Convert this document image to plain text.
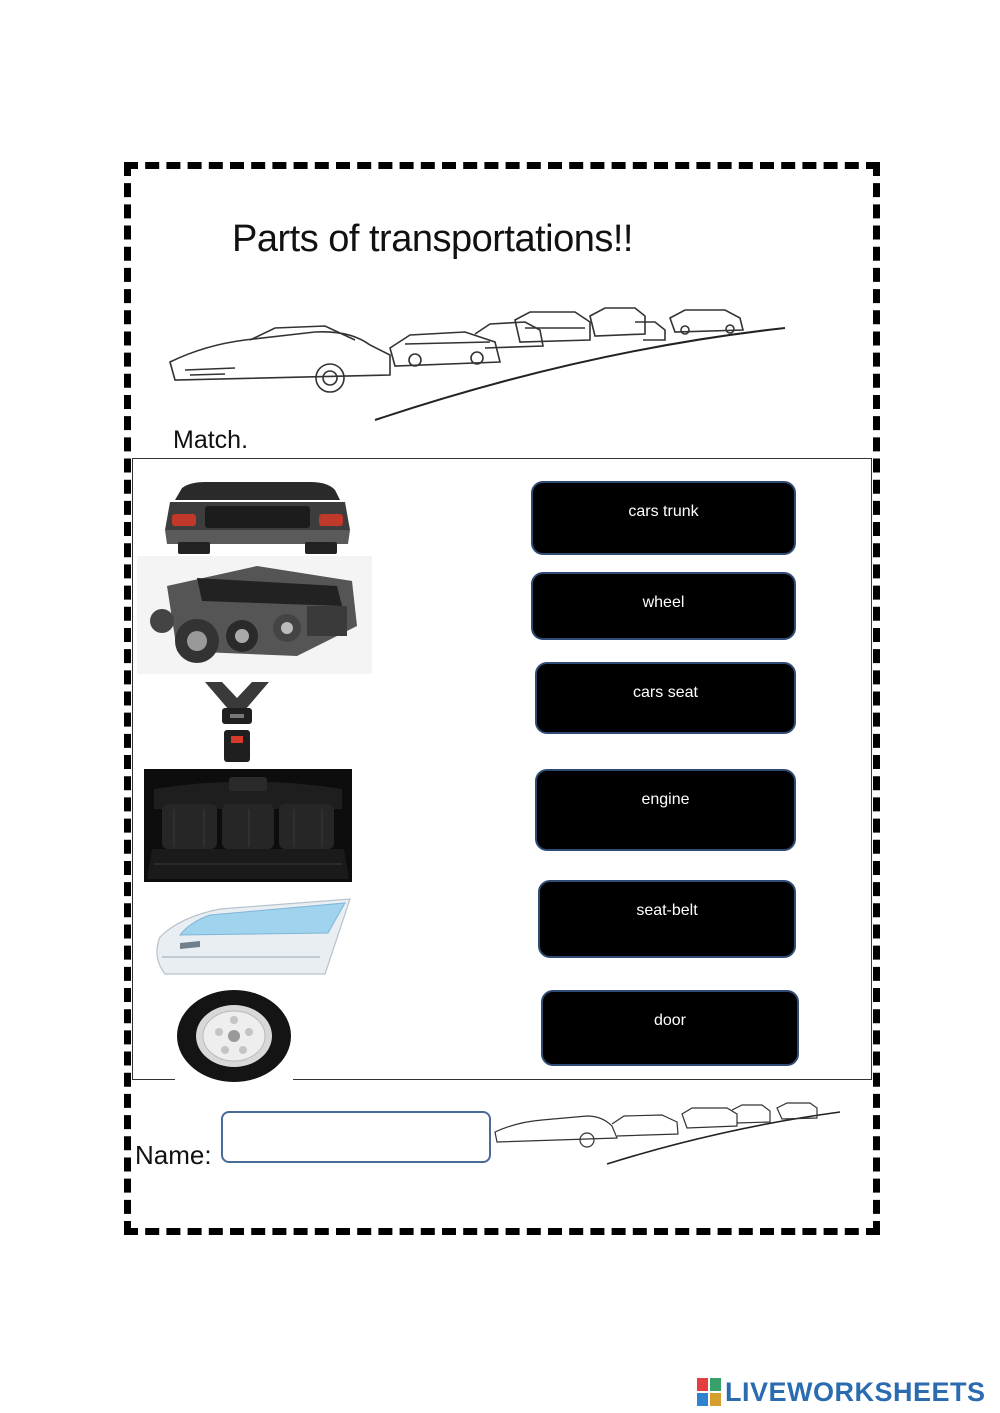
Parts of transportations!!
Match.
cars trunk
wheel
cars seat
engine
seat-belt
door
Name:
LIVEWORKSHEETS
